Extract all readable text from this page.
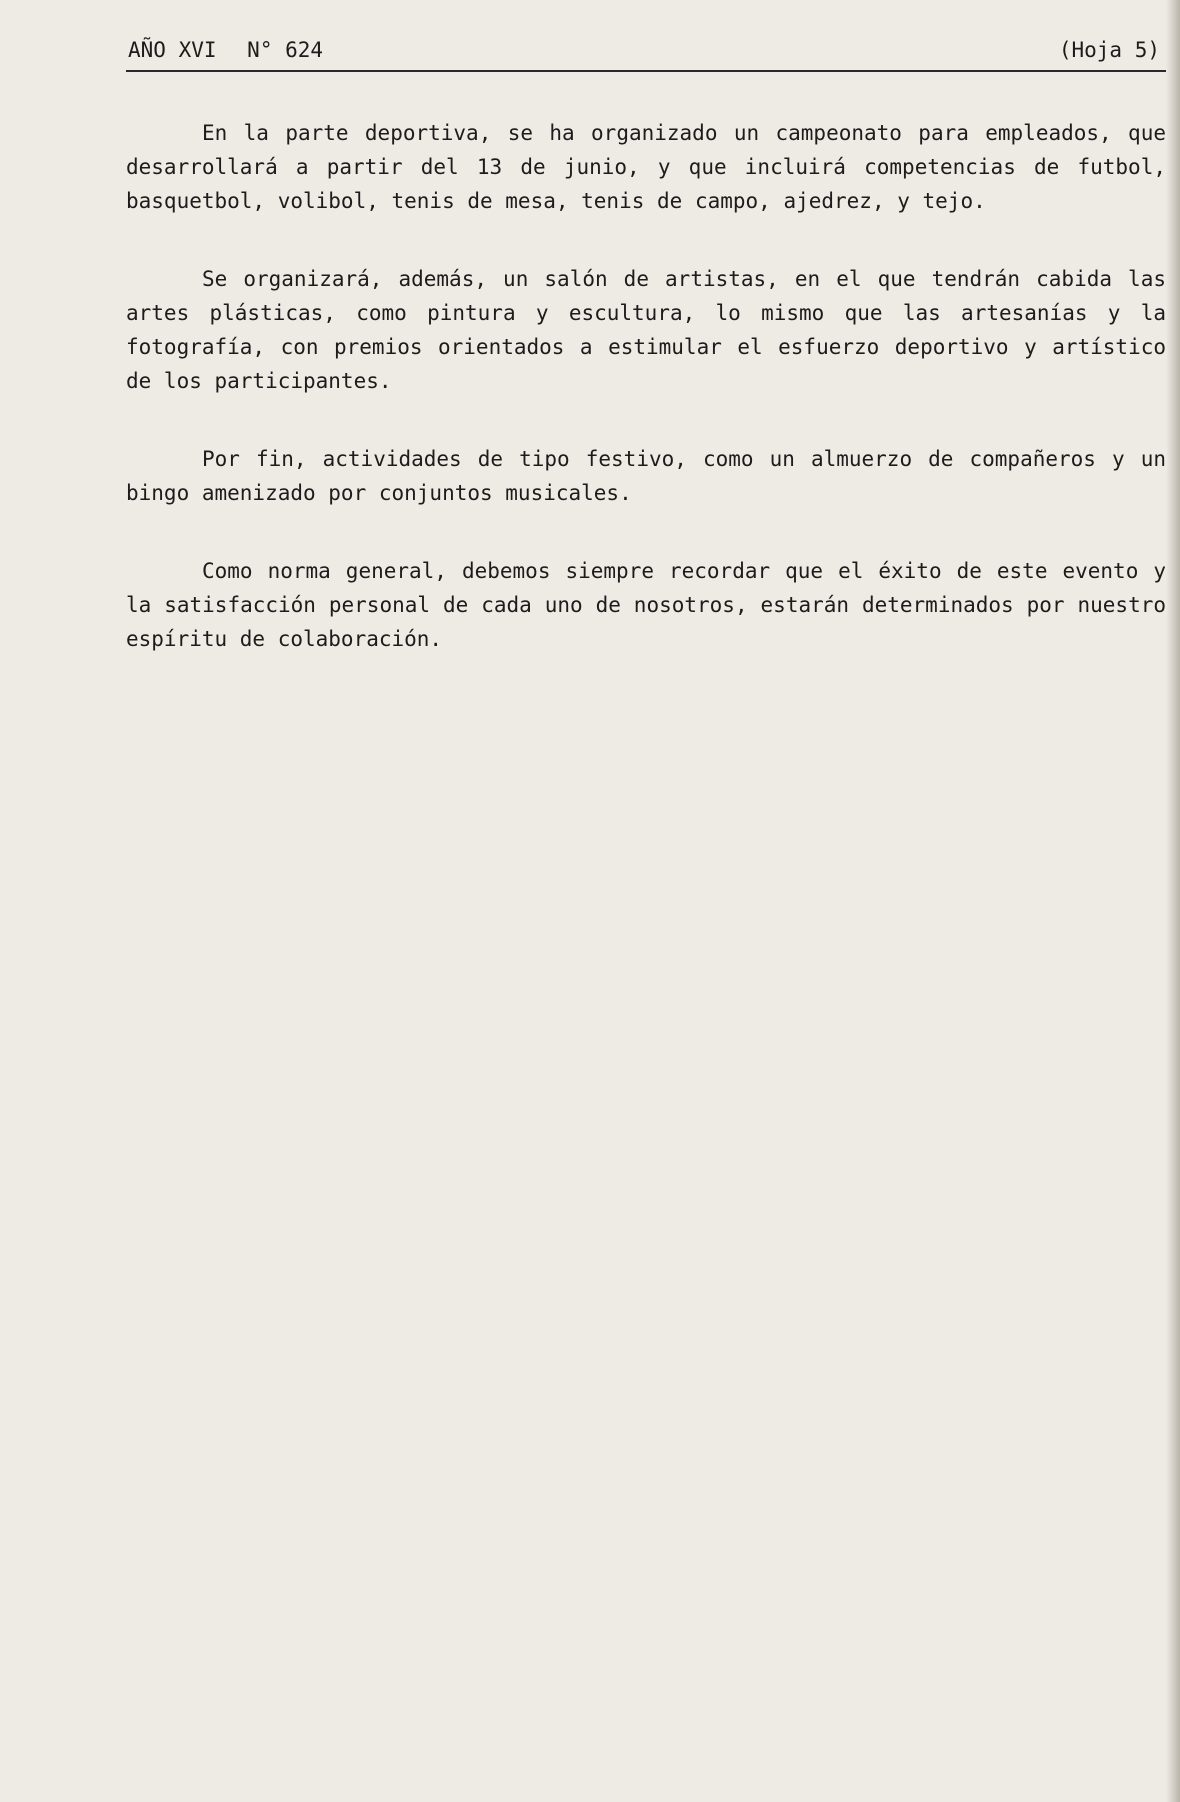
AÑO XVI N° 624	(Hoja 5)

En la parte deportiva, se ha organizado un campeonato para empleados, que desarrollará a partir del 13 de junio, y que incluirá competencias de futbol, basquetbol, volibol, tenis de mesa, tenis de campo, ajedrez, y tejo.

Se organizará, además, un salón de artistas, en el que tendrán cabida las artes plásticas, como pintura y escultura, lo mismo que las artesanías y la fotografía, con premios orientados a estimular el esfuerzo deportivo y artístico de los participantes.

Por fin, actividades de tipo festivo, como un almuerzo de compañeros y un bingo amenizado por conjuntos musicales.

Como norma general, debemos siempre recordar que el éxito de este evento y la satisfacción personal de cada uno de nosotros, estarán determinados por nuestro espíritu de colaboración.
